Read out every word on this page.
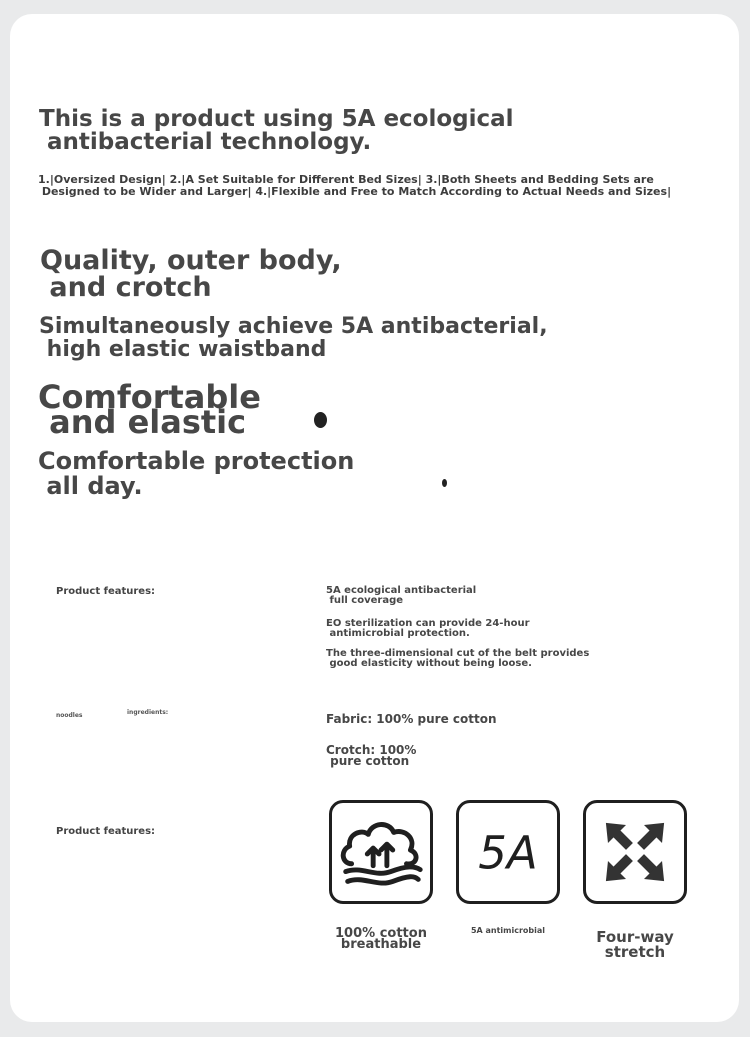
This is a product using 5A ecological
antibacterial technology.

1.|Oversized Design| 2.|A Set Suitable for Different Bed Sizes| 3.|Both Sheets and Bedding Sets are
Designed to be Wider and Larger| 4.|Flexible and Free to Match According to Actual Needs and Sizes|

Quality, outer body,
and crotch

Simultaneously achieve 5A antibacterial,
high elastic waistband

Comfortable
and elastic

Comfortable protection
all day.

Product features:	5A ecological antibacterial
full coverage

EO sterilization can provide 24-hour
antimicrobial protection.

The three-dimensional cut of the belt provides
good elasticity without being loose.

noodles	ingredients:	Fabric: 100% pure cotton

Crotch: 100%
pure cotton

Product features:	5A
100% cotton
breathable
5A antimicrobial	Four-way
stretch
